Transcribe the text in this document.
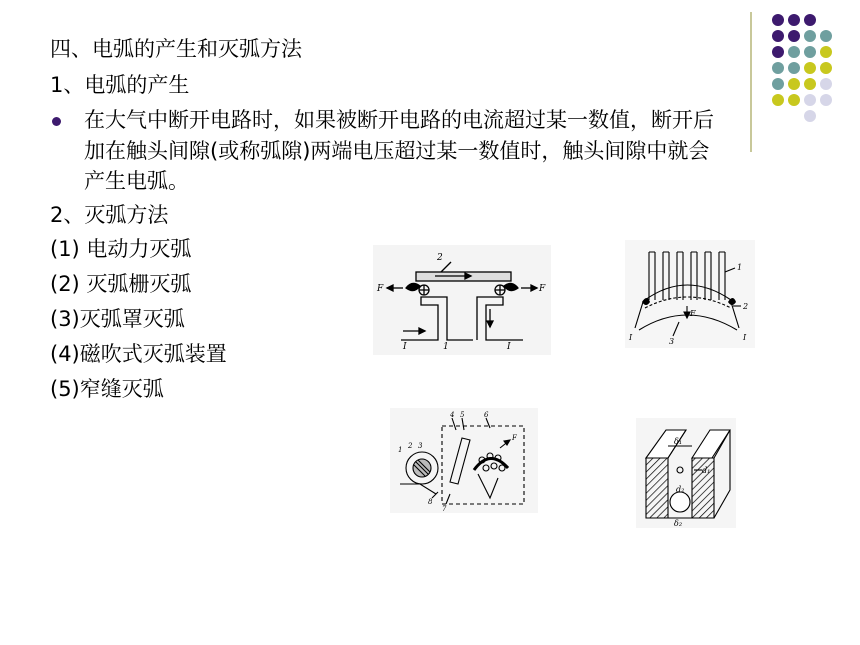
四、电弧的产生和灭弧方法
1、电弧的产生
在大气中断开电路时，如果被断开电路的电流超过某一数值，断开后
加在触头间隙(或称弧隙)两端电压超过某一数值时，触头间隙中就会
产生电弧。
2、灭弧方法
(1) 电动力灭弧
(2) 灭弧栅灭弧
(3)灭弧罩灭弧
(4)磁吹式灭弧装置
(5)窄缝灭弧
2
F	F
I	I
1
1
2
3
F
I	I
1 2 3
4 5	6
7
8
F	δ₁
d₁
d₂
δ₂
